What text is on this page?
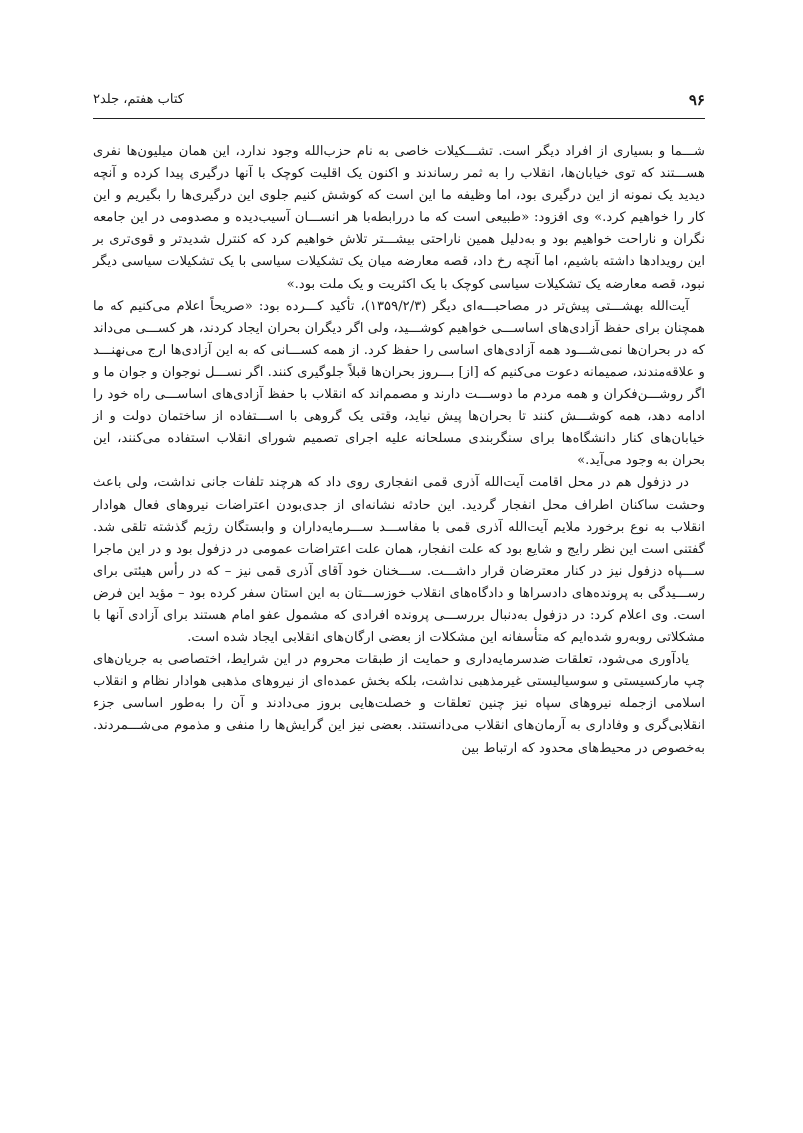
۹۶
کتاب هفتم، جلد۲

شـــما و بسیاری از افراد دیگر است. تشـــکیلات خاصی به نام حزب‌الله وجود ندارد، این همان میلیون‌ها نفری هســـتند که توی خیابان‌ها، انقلاب را به ثمر رساندند و اکنون یک اقلیت کوچک با آنها درگیری پیدا کرده و آنچه دیدید یک نمونه از این درگیری بود، اما وظیفه ما این است که کوشش کنیم جلوی این درگیری‌ها را بگیریم و این کار را خواهیم کرد.» وی افزود: «طبیعی است که ما دررابطه‌با هر انســـان آسیب‌دیده و مصدومی در این جامعه نگران و ناراحت خواهیم بود و به‌دلیل همین ناراحتی بیشـــتر تلاش خواهیم کرد که کنترل شدیدتر و قوی‌تری بر این رویدادها داشته باشیم، اما آنچه رخ داد، قصه معارضه میان یک تشکیلات سیاسی با یک تشکیلات سیاسی دیگر نبود، قصه معارضه یک تشکیلات سیاسی کوچک با یک اکثریت و یک ملت بود.»

آیت‌الله بهشـــتی پیش‌تر در مصاحبـــه‌ای دیگر (۱۳۵۹/۲/۳)، تأکید کـــرده بود: «صریحاً اعلام می‌کنیم که ما همچنان برای حفظ آزادی‌های اساســـی خواهیم کوشـــید، ولی اگر دیگران بحران ایجاد کردند، هر کســـی می‌داند که در بحران‌ها نمی‌شـــود همه آزادی‌های اساسی را حفظ کرد. از همه کســـانی که به این آزادی‌ها ارج می‌نهنـــد و علاقه‌مندند، صمیمانه دعوت می‌کنیم که [از] بـــروز بحران‌ها قبلاً جلوگیری کنند. اگر نســـل نوجوان و جوان ما و اگر روشـــن‌فکران و همه مردم ما دوســـت دارند و مصمم‌اند که انقلاب با حفظ آزادی‌های اساســـی راه خود را ادامه دهد، همه کوشـــش کنند تا بحران‌ها پیش نیاید، وقتی یک گروهی با اســـتفاده از ساختمان دولت و از خیابان‌های کنار دانشگاه‌ها برای سنگربندی مسلحانه علیه اجرای تصمیم شورای انقلاب استفاده می‌کنند، این بحران به وجود می‌آید.»

در دزفول هم در محل اقامت آیت‌الله آذری قمی انفجاری روی داد که هرچند تلفات جانی نداشت، ولی باعث وحشت ساکنان اطراف محل انفجار گردید. این حادثه نشانه‌ای از جدی‌بودن اعتراضات نیروهای فعال هوادار انقلاب به نوع برخورد ملایم آیت‌الله آذری قمی با مفاســـد ســـرمایه‌داران و وابستگان رژیم گذشته تلقی شد. گفتنی است این نظر رایج و شایع بود که علت انفجار، همان علت اعتراضات عمومی در دزفول بود و در این ماجرا ســـپاه دزفول نیز در کنار معترضان قرار داشـــت. ســـخنان خود آقای آذری قمی نیز – که در رأس هیئتی برای رســـیدگی به پرونده‌های دادسراها و دادگاه‌های انقلاب خوزســـتان به این استان سفر کرده بود – مؤید این فرض است. وی اعلام کرد: در دزفول به‌دنبال بررســـی پرونده افرادی که مشمول عفو امام هستند برای آزادی آنها با مشکلاتی روبه‌رو شده‌ایم که متأسفانه این مشکلات از بعضی ارگان‌های انقلابی ایجاد شده است.

یادآوری می‌شود، تعلقات ضدسرمایه‌داری و حمایت از طبقات محروم در این شرایط، اختصاصی به جریان‌های چپ مارکسیستی و سوسیالیستی غیرمذهبی نداشت، بلکه بخش عمده‌ای از نیروهای مذهبی هوادار نظام و انقلاب اسلامی ازجمله نیروهای سپاه نیز چنین تعلقات و خصلت‌هایی بروز می‌دادند و آن را به‌طور اساسی جزء انقلابی‌گری و وفاداری به آرمان‌های انقلاب می‌دانستند. بعضی نیز این گرایش‌ها را منفی و مذموم می‌شـــمردند. به‌خصوص در محیط‌های محدود که ارتباط بین
